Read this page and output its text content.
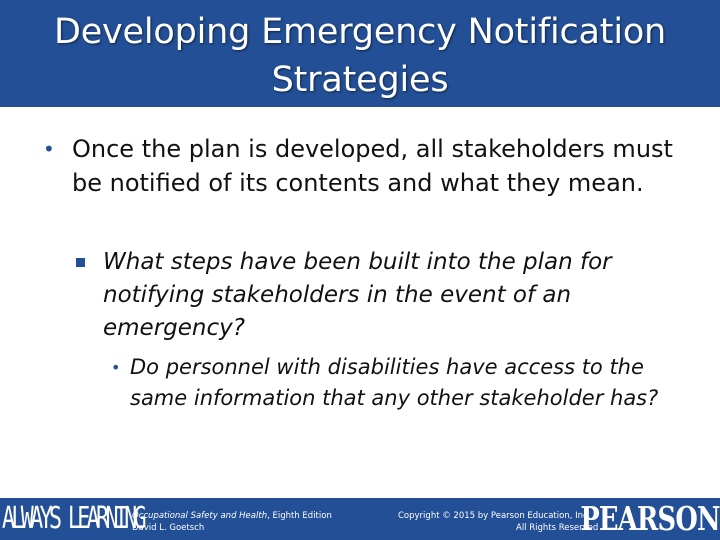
Developing Emergency Notification
Strategies
• Once the plan is developed, all stakeholders must be notified of its contents and what they mean.
What steps have been built into the plan for notifying stakeholders in the event of an emergency?
• Do personnel with disabilities have access to the same information that any other stakeholder has?
ALWAYS LEARNING
Occupational Safety and Health, Eighth Edition
David L. Goetsch
Copyright © 2015 by Pearson Education, Inc.
All Rights Reserved
PEARSON
